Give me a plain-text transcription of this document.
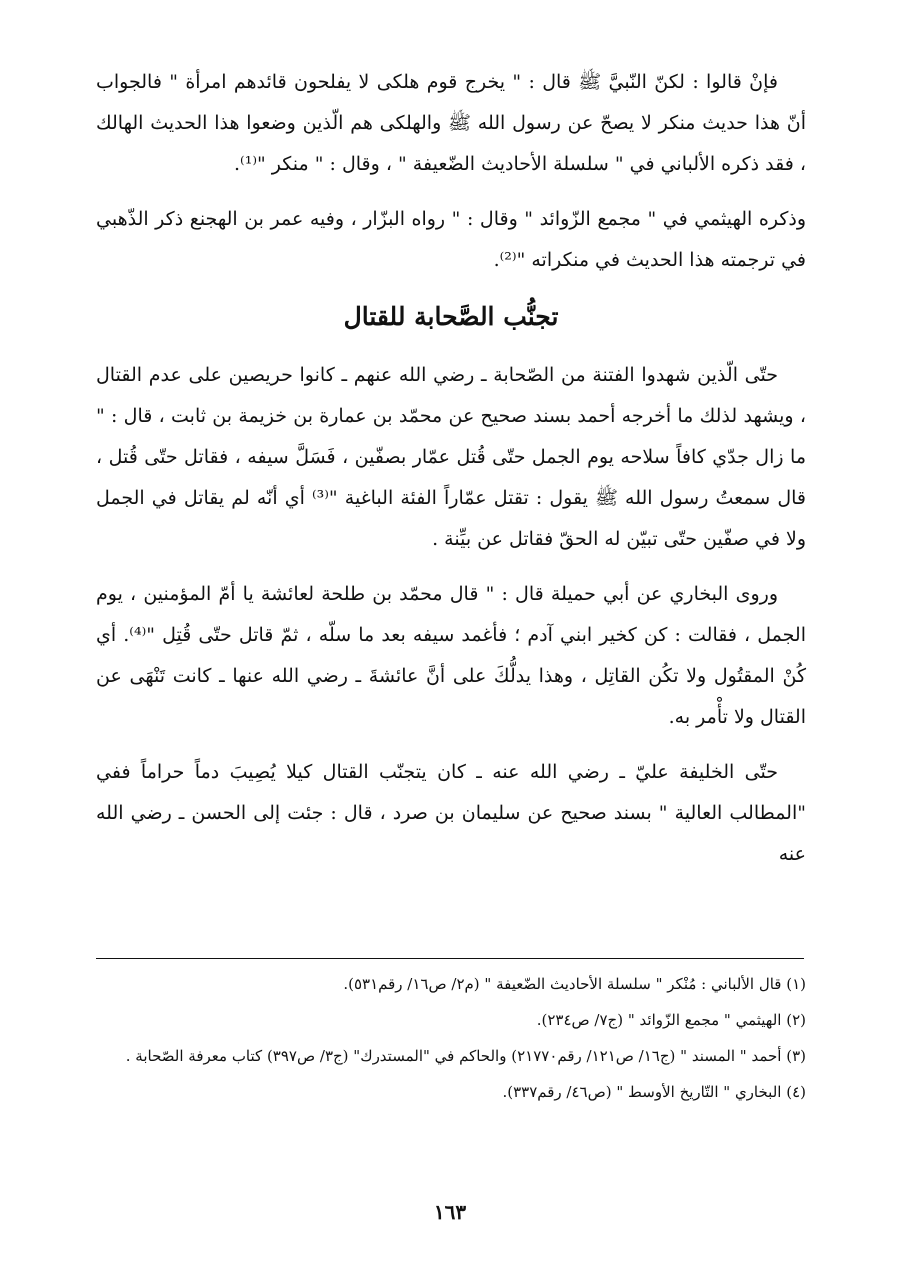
فإنْ قالوا : لكنّ النّبيَّ ﷺ قال : " يخرج قوم هلكى لا يفلحون قائدهم امرأة " فالجواب أنّ هذا حديث منكر لا يصحّ عن رسول الله ﷺ والهلكى هم الّذين وضعوا هذا الحديث الهالك ، فقد ذكره الألباني في " سلسلة الأحاديث الضّعيفة " ، وقال : " منكر "⁽¹⁾.

وذكره الهيثمي في " مجمع الزّوائد " وقال : " رواه البزّار ، وفيه عمر بن الهجنع ذكر الذّهبي في ترجمته هذا الحديث في منكراته "⁽²⁾.

تجنُّب الصَّحابة للقتال

حتّى الّذين شهدوا الفتنة من الصّحابة ـ رضي الله عنهم ـ كانوا حريصين على عدم القتال ، ويشهد لذلك ما أخرجه أحمد بسند صحيح عن محمّد بن عمارة بن خزيمة بن ثابت ، قال : " ما زال جدّي كافاً سلاحه يوم الجمل حتّى قُتل عمّار بصفّين ، فَسَلَّ سيفه ، فقاتل حتّى قُتل ، قال سمعتُ رسول الله ﷺ يقول : تقتل عمّاراً الفئة الباغية "⁽³⁾ أي أنّه لم يقاتل في الجمل ولا في صفّين حتّى تبيّن له الحقّ فقاتل عن بيِّنة .

وروى البخاري عن أبي حميلة قال : " قال محمّد بن طلحة لعائشة يا أمّ المؤمنين ، يوم الجمل ، فقالت : كن كخير ابني آدم ؛ فأغمد سيفه بعد ما سلّه ، ثمّ قاتل حتّى قُتِل "⁽⁴⁾. أي كُنْ المقتُول ولا تكُن القاتِل ، وهذا يدلُّكَ على أنَّ عائشةَ ـ رضي الله عنها ـ كانت تَنْهَى عن القتال ولا تأْمر به.

حتّى الخليفة عليّ ـ رضي الله عنه ـ كان يتجنّب القتال كيلا يُصِيبَ دماً حراماً ففي "المطالب العالية " بسند صحيح عن سليمان بن صرد ، قال : جئت إلى الحسن ـ رضي الله عنه

(١) قال الألباني : مُنْكر " سلسلة الأحاديث الضّعيفة " (م٢/ ص١٦/ رقم٥٣١).

(٢) الهيثمي " مجمع الزّوائد " (ج٧/ ص٢٣٤).

(٣) أحمد " المسند " (ج١٦/ ص١٢١/ رقم٢١٧٧٠) والحاكم في "المستدرك" (ج٣/ ص٣٩٧) كتاب معرفة الصّحابة .

(٤) البخاري " التّاريخ الأوسط " (ص٤٦/ رقم٣٣٧).

١٦٣
